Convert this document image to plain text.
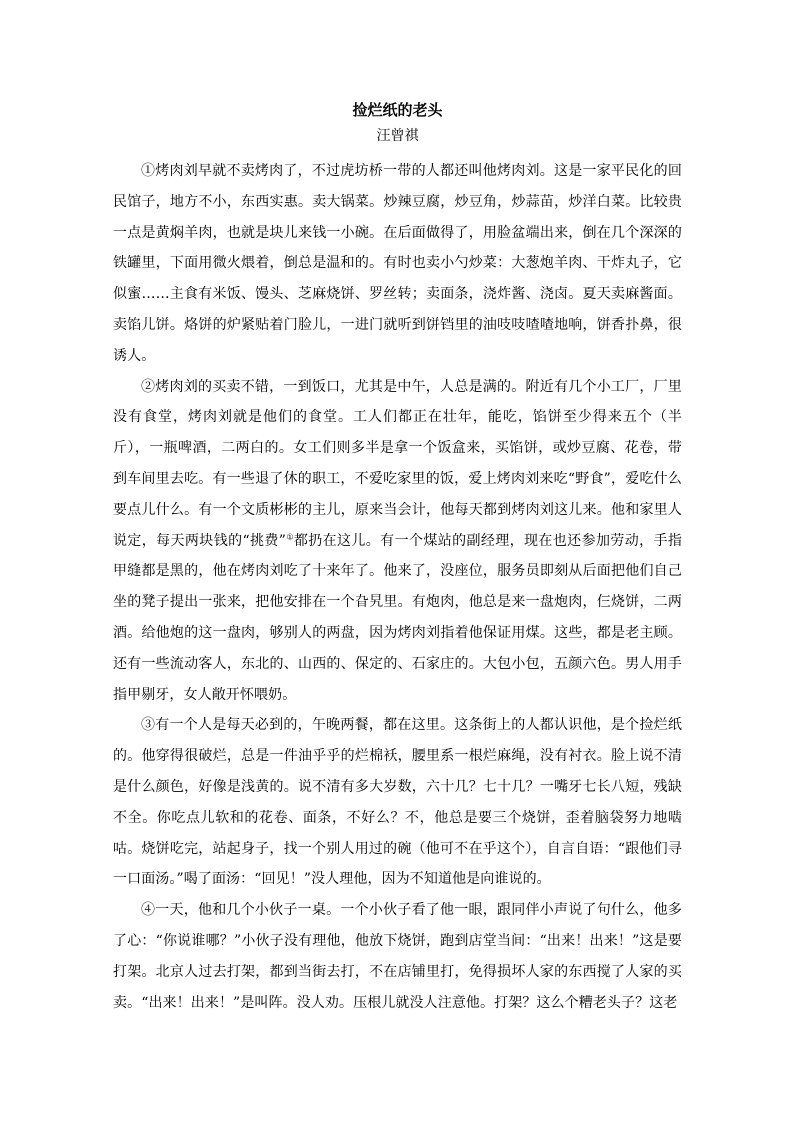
捡烂纸的老头
汪曾祺

①烤肉刘早就不卖烤肉了，不过虎坊桥一带的人都还叫他烤肉刘。这是一家平民化的回民馆子，地方不小，东西实惠。卖大锅菜。炒辣豆腐，炒豆角，炒蒜苗，炒洋白菜。比较贵一点是黄焖羊肉，也就是块儿来钱一小碗。在后面做得了，用脸盆端出来，倒在几个深深的铁罐里，下面用微火煨着，倒总是温和的。有时也卖小勺炒菜：大葱炮羊肉、干炸丸子，它似蜜……主食有米饭、馒头、芝麻烧饼、罗丝转；卖面条，浇炸酱、浇卤。夏天卖麻酱面。卖馅儿饼。烙饼的炉紧贴着门脸儿，一进门就听到饼铛里的油吱吱喳喳地响，饼香扑鼻，很诱人。

②烤肉刘的买卖不错，一到饭口，尤其是中午，人总是满的。附近有几个小工厂，厂里没有食堂，烤肉刘就是他们的食堂。工人们都正在壮年，能吃，馅饼至少得来五个（半斤），一瓶啤酒，二两白的。女工们则多半是拿一个饭盒来，买馅饼，或炒豆腐、花卷，带到车间里去吃。有一些退了休的职工，不爱吃家里的饭，爱上烤肉刘来吃“野食”，爱吃什么要点儿什么。有一个文质彬彬的主儿，原来当会计，他每天都到烤肉刘这儿来。他和家里人说定，每天两块钱的“挑费”①都扔在这儿。有一个煤站的副经理，现在也还参加劳动，手指甲缝都是黑的，他在烤肉刘吃了十来年了。他来了，没座位，服务员即刻从后面把他们自己坐的凳子提出一张来，把他安排在一个旮旯里。有炮肉，他总是来一盘炮肉，仨烧饼，二两酒。给他炮的这一盘肉，够别人的两盘，因为烤肉刘指着他保证用煤。这些，都是老主顾。还有一些流动客人，东北的、山西的、保定的、石家庄的。大包小包，五颜六色。男人用手指甲剔牙，女人敞开怀喂奶。

③有一个人是每天必到的，午晚两餐，都在这里。这条街上的人都认识他，是个捡烂纸的。他穿得很破烂，总是一件油乎乎的烂棉袄，腰里系一根烂麻绳，没有衬衣。脸上说不清是什么颜色，好像是浅黄的。说不清有多大岁数，六十几？七十几？一嘴牙七长八短，残缺不全。你吃点儿软和的花卷、面条，不好么？不，他总是要三个烧饼，歪着脑袋努力地啮咕。烧饼吃完，站起身子，找一个别人用过的碗（他可不在乎这个），自言自语：“跟他们寻一口面汤。”喝了面汤：“回见！”没人理他，因为不知道他是向谁说的。

④一天，他和几个小伙子一桌。一个小伙子看了他一眼，跟同伴小声说了句什么，他多了心：“你说谁哪？”小伙子没有理他，他放下烧饼，跑到店堂当间：“出来！出来！”这是要打架。北京人过去打架，都到当街去打，不在店铺里打，免得损坏人家的东西搅了人家的买卖。“出来！出来！”是叫阵。没人劝。压根儿就没人注意他。打架？这么个糟老头子？这老
